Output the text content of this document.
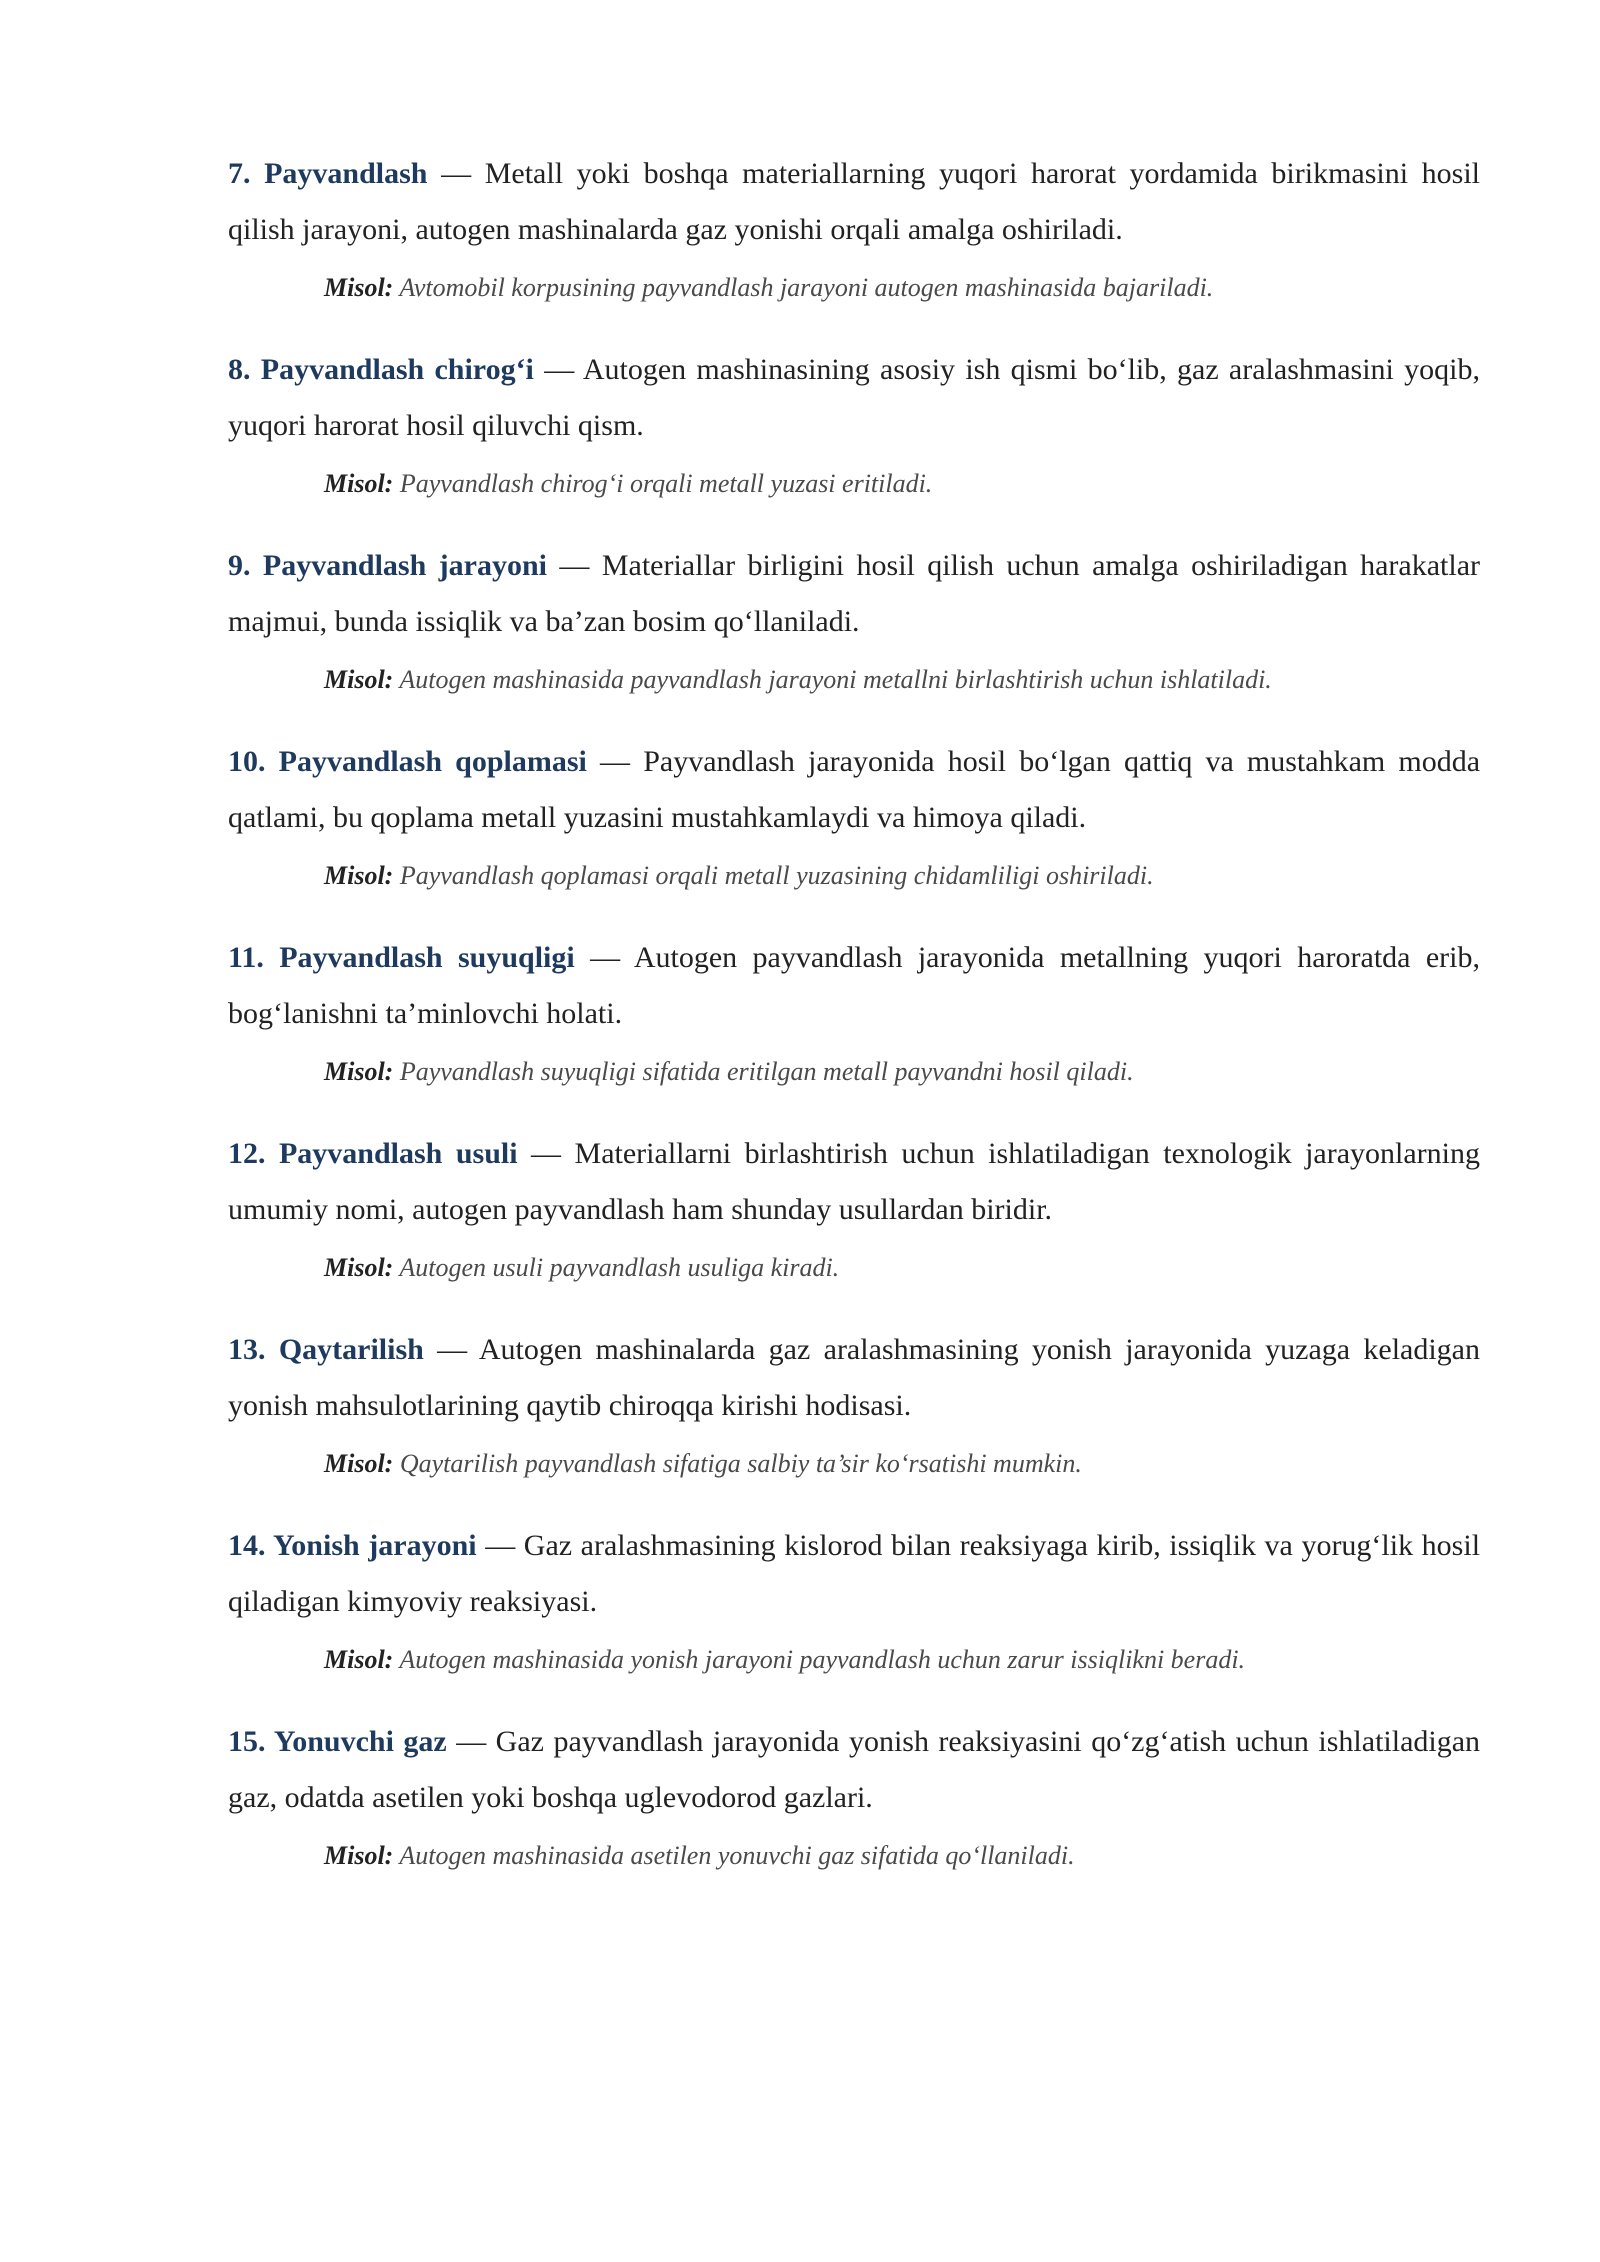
7. Payvandlash — Metall yoki boshqa materiallarning yuqori harorat yordamida birikmasini hosil qilish jarayoni, autogen mashinalarda gaz yonishi orqali amalga oshiriladi.

Misol: Avtomobil korpusining payvandlash jarayoni autogen mashinasida bajariladi.

8. Payvandlash chirog‘i — Autogen mashinasining asosiy ish qismi bo‘lib, gaz aralashmasini yoqib, yuqori harorat hosil qiluvchi qism.

Misol: Payvandlash chirog‘i orqali metall yuzasi eritiladi.

9. Payvandlash jarayoni — Materiallar birligini hosil qilish uchun amalga oshiriladigan harakatlar majmui, bunda issiqlik va ba’zan bosim qo‘llaniladi.

Misol: Autogen mashinasida payvandlash jarayoni metallni birlashtirish uchun ishlatiladi.

10. Payvandlash qoplamasi — Payvandlash jarayonida hosil bo‘lgan qattiq va mustahkam modda qatlami, bu qoplama metall yuzasini mustahkamlaydi va himoya qiladi.

Misol: Payvandlash qoplamasi orqali metall yuzasining chidamliligi oshiriladi.

11. Payvandlash suyuqligi — Autogen payvandlash jarayonida metallning yuqori haroratda erib, bog‘lanishni ta’minlovchi holati.

Misol: Payvandlash suyuqligi sifatida eritilgan metall payvandni hosil qiladi.

12. Payvandlash usuli — Materiallarni birlashtirish uchun ishlatiladigan texnologik jarayonlarning umumiy nomi, autogen payvandlash ham shunday usullardan biridir.

Misol: Autogen usuli payvandlash usuliga kiradi.

13. Qaytarilish — Autogen mashinalarda gaz aralashmasining yonish jarayonida yuzaga keladigan yonish mahsulotlarining qaytib chiroqqa kirishi hodisasi.

Misol: Qaytarilish payvandlash sifatiga salbiy ta’sir ko‘rsatishi mumkin.

14. Yonish jarayoni — Gaz aralashmasining kislorod bilan reaksiyaga kirib, issiqlik va yorug‘lik hosil qiladigan kimyoviy reaksiyasi.

Misol: Autogen mashinasida yonish jarayoni payvandlash uchun zarur issiqlikni beradi.

15. Yonuvchi gaz — Gaz payvandlash jarayonida yonish reaksiyasini qo‘zg‘atish uchun ishlatiladigan gaz, odatda asetilen yoki boshqa uglevodorod gazlari.

Misol: Autogen mashinasida asetilen yonuvchi gaz sifatida qo‘llaniladi.
